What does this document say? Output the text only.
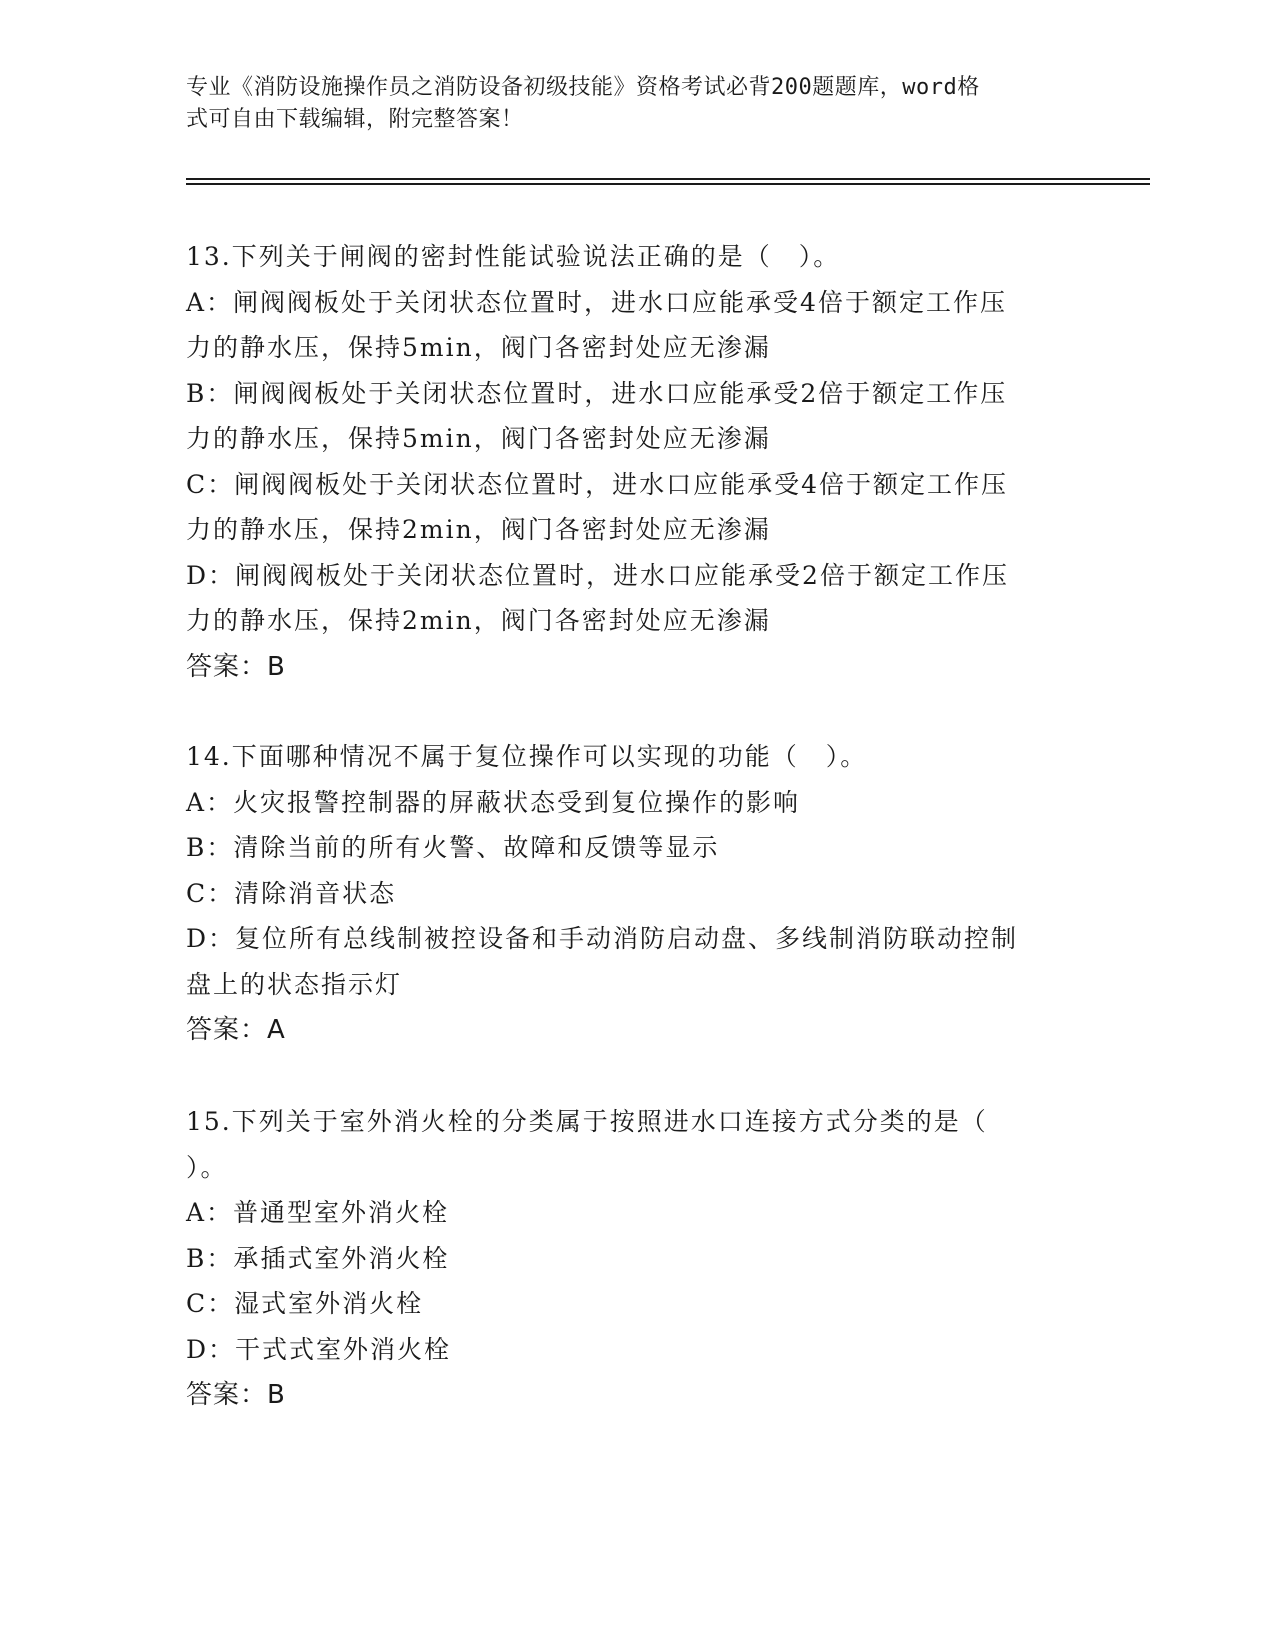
专业《消防设施操作员之消防设备初级技能》资格考试必背200题题库，word格
式可自由下载编辑，附完整答案！
13.下列关于闸阀的密封性能试验说法正确的是（　）。
A：闸阀阀板处于关闭状态位置时，进水口应能承受4倍于额定工作压
力的静水压，保持5min，阀门各密封处应无渗漏
B：闸阀阀板处于关闭状态位置时，进水口应能承受2倍于额定工作压
力的静水压，保持5min，阀门各密封处应无渗漏
C：闸阀阀板处于关闭状态位置时，进水口应能承受4倍于额定工作压
力的静水压，保持2min，阀门各密封处应无渗漏
D：闸阀阀板处于关闭状态位置时，进水口应能承受2倍于额定工作压
力的静水压，保持2min，阀门各密封处应无渗漏
答案：B
14.下面哪种情况不属于复位操作可以实现的功能（　）。
A：火灾报警控制器的屏蔽状态受到复位操作的影响
B：清除当前的所有火警、故障和反馈等显示
C：清除消音状态
D：复位所有总线制被控设备和手动消防启动盘、多线制消防联动控制
盘上的状态指示灯
答案：A
15.下列关于室外消火栓的分类属于按照进水口连接方式分类的是（
）。
A：普通型室外消火栓
B：承插式室外消火栓
C：湿式室外消火栓
D：干式式室外消火栓
答案：B
